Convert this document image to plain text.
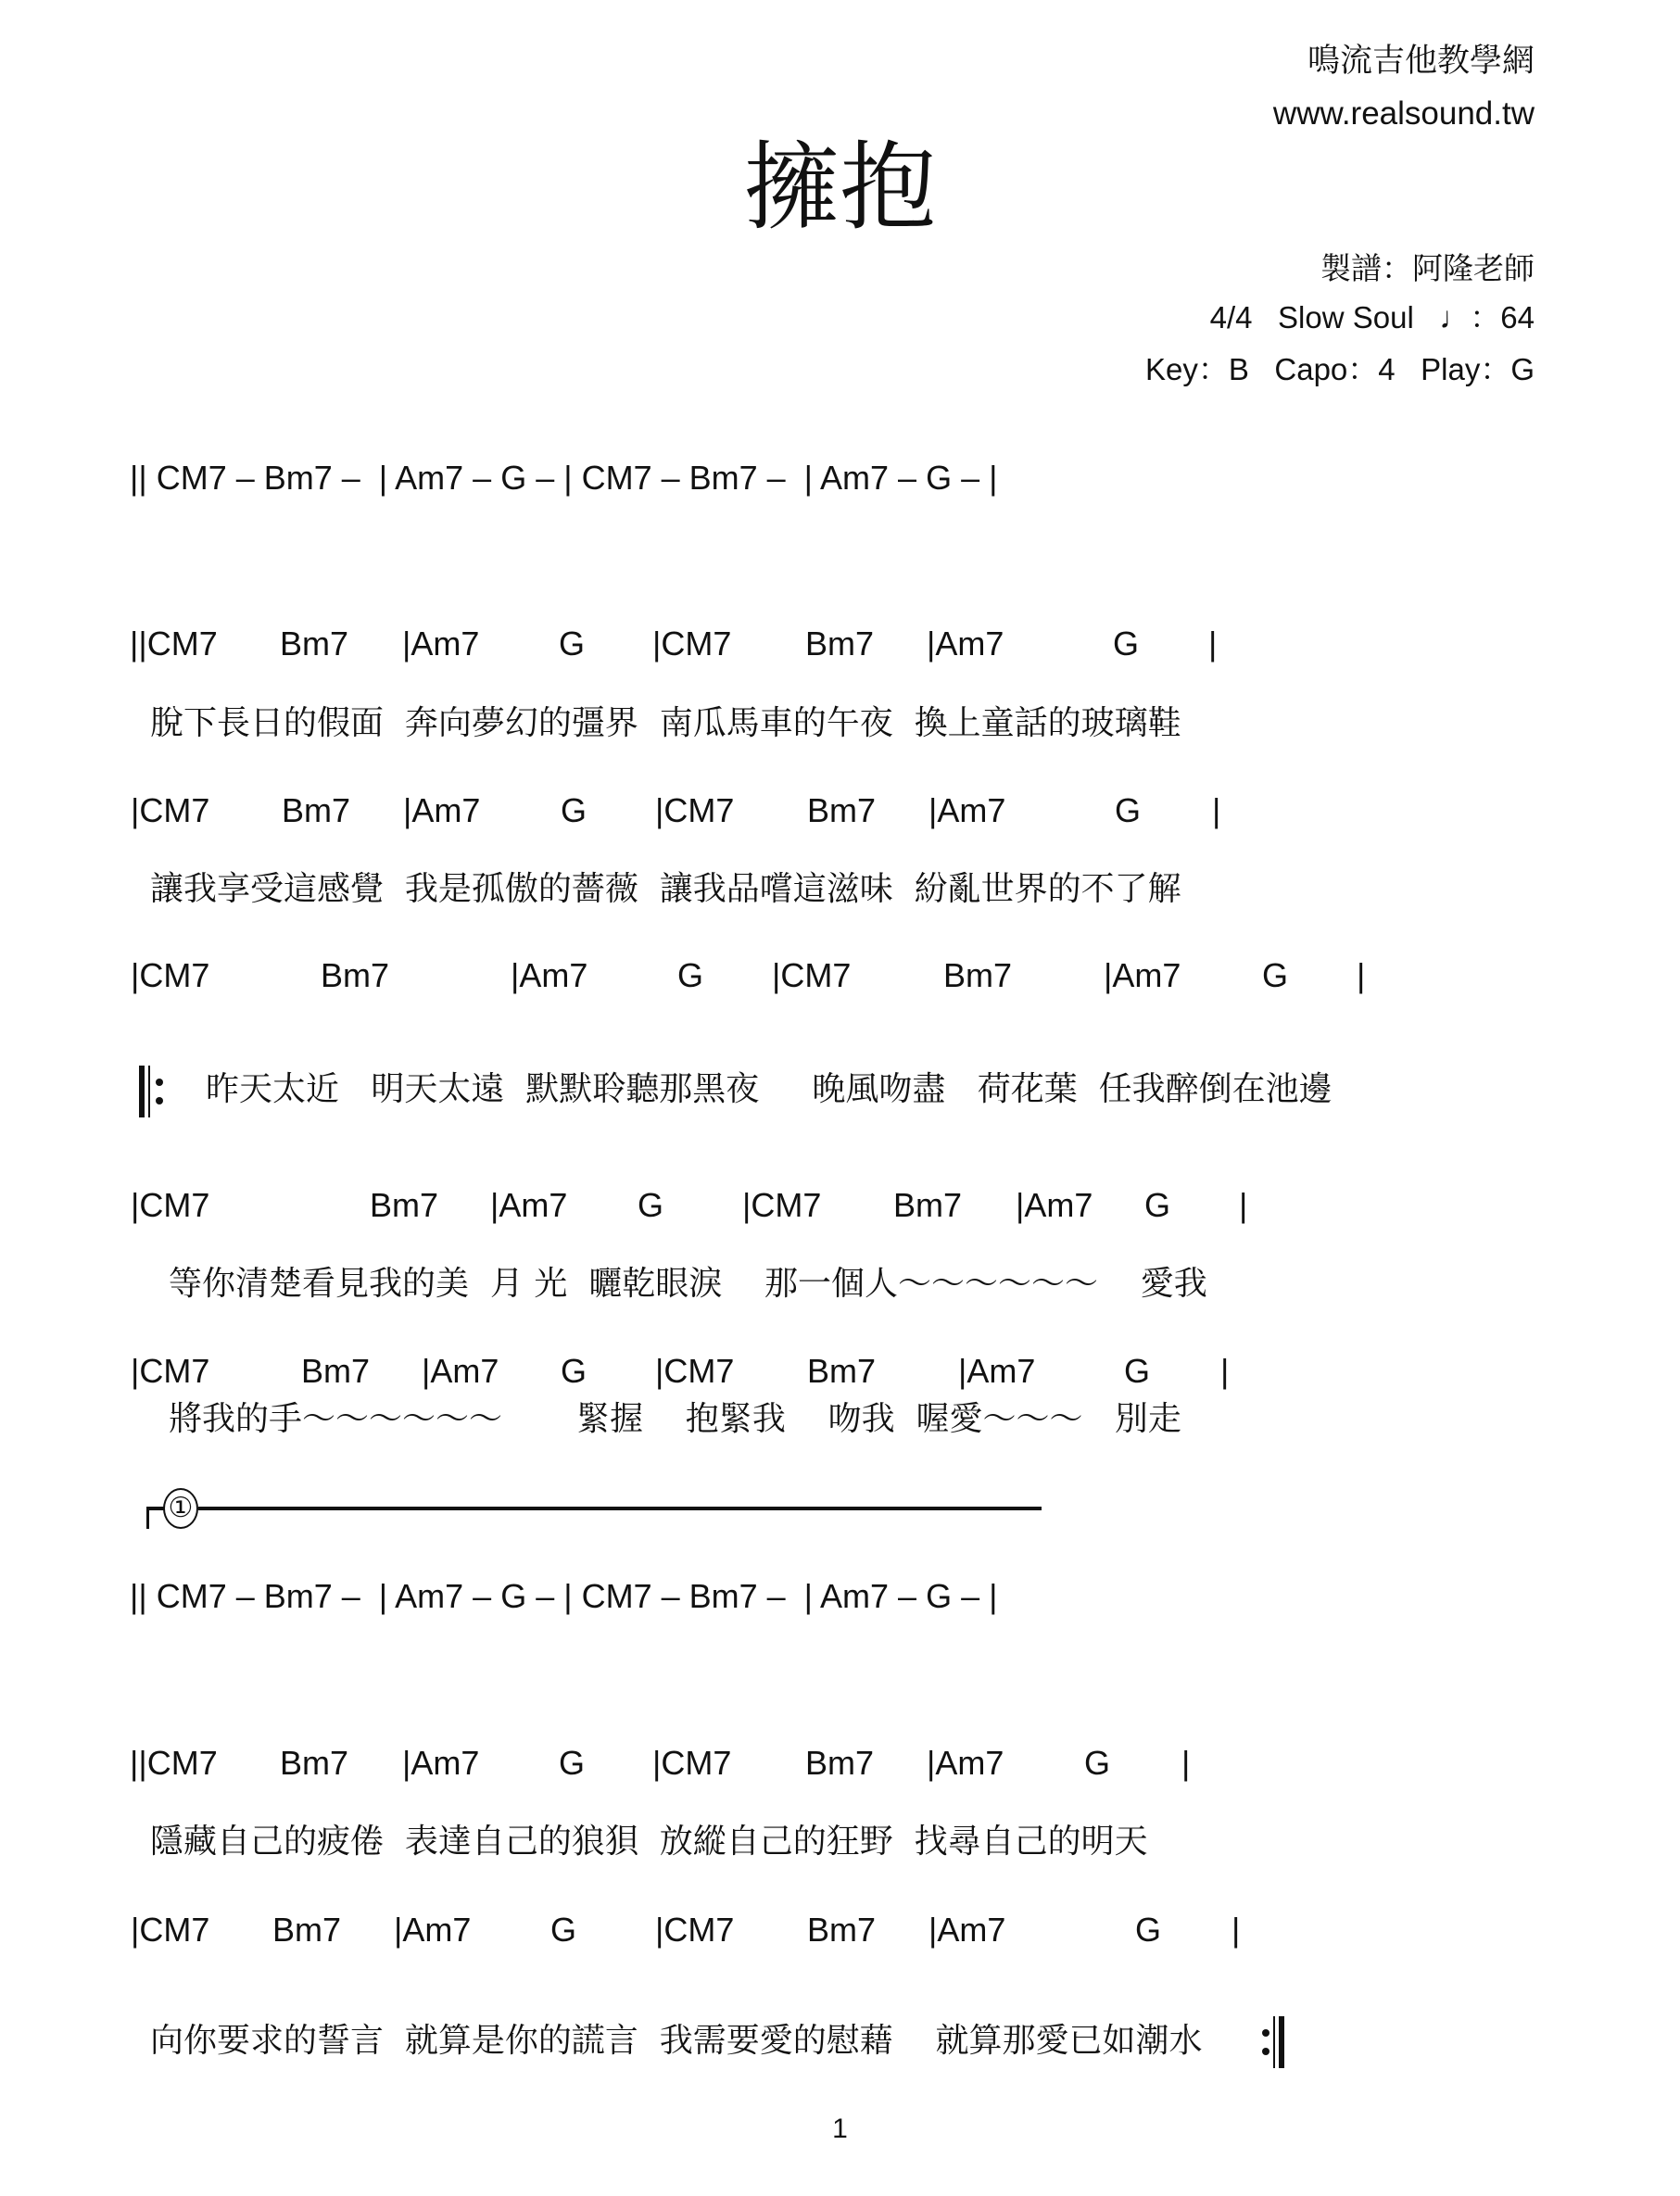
鳴流吉他教學網
www.realsound.tw
擁抱
製譜：阿隆老師
4/4   Slow Soul   ♩：64
Key：B   Capo：4   Play：G
|| CM7 – Bm7 –  | Am7 – G – | CM7 – Bm7 –  | Am7 – G – |
||CM7 Bm7 |Am7 G |CM7 Bm7 |Am7	G |
脫下長日的假面  奔向夢幻的彊界  南瓜馬車的午夜  換上童話的玻璃鞋
|CM7 Bm7 |Am7 G |CM7 Bm7 |Am7	G |
讓我享受這感覺  我是孤傲的薔薇  讓我品嚐這滋味  紛亂世界的不了解
|CM7	Bm7	|Am7	G |CM7	Bm7	|Am7 G |
昨天太近   明天太遠  默默聆聽那黑夜     晚風吻盡   荷花葉  任我醉倒在池邊
|CM7	Bm7 |Am7 G |CM7 Bm7 |Am7 G |
等你清楚看見我的美  月 光  曬乾眼淚    那一個人～～～～～～    愛我
|CM7	Bm7 |Am7 G |CM7 Bm7 |Am7	G |
將我的手～～～～～～       緊握    抱緊我    吻我  喔愛～～～   別走
①
|| CM7 – Bm7 –  | Am7 – G – | CM7 – Bm7 –  | Am7 – G – |
||CM7 Bm7 |Am7 G |CM7 Bm7 |Am7 G |
隱藏自己的疲倦  表達自己的狼狽  放縱自己的狂野  找尋自己的明天
|CM7 Bm7 |Am7 G |CM7 Bm7 |Am7	G |
向你要求的誓言  就算是你的謊言  我需要愛的慰藉    就算那愛已如潮水
1
